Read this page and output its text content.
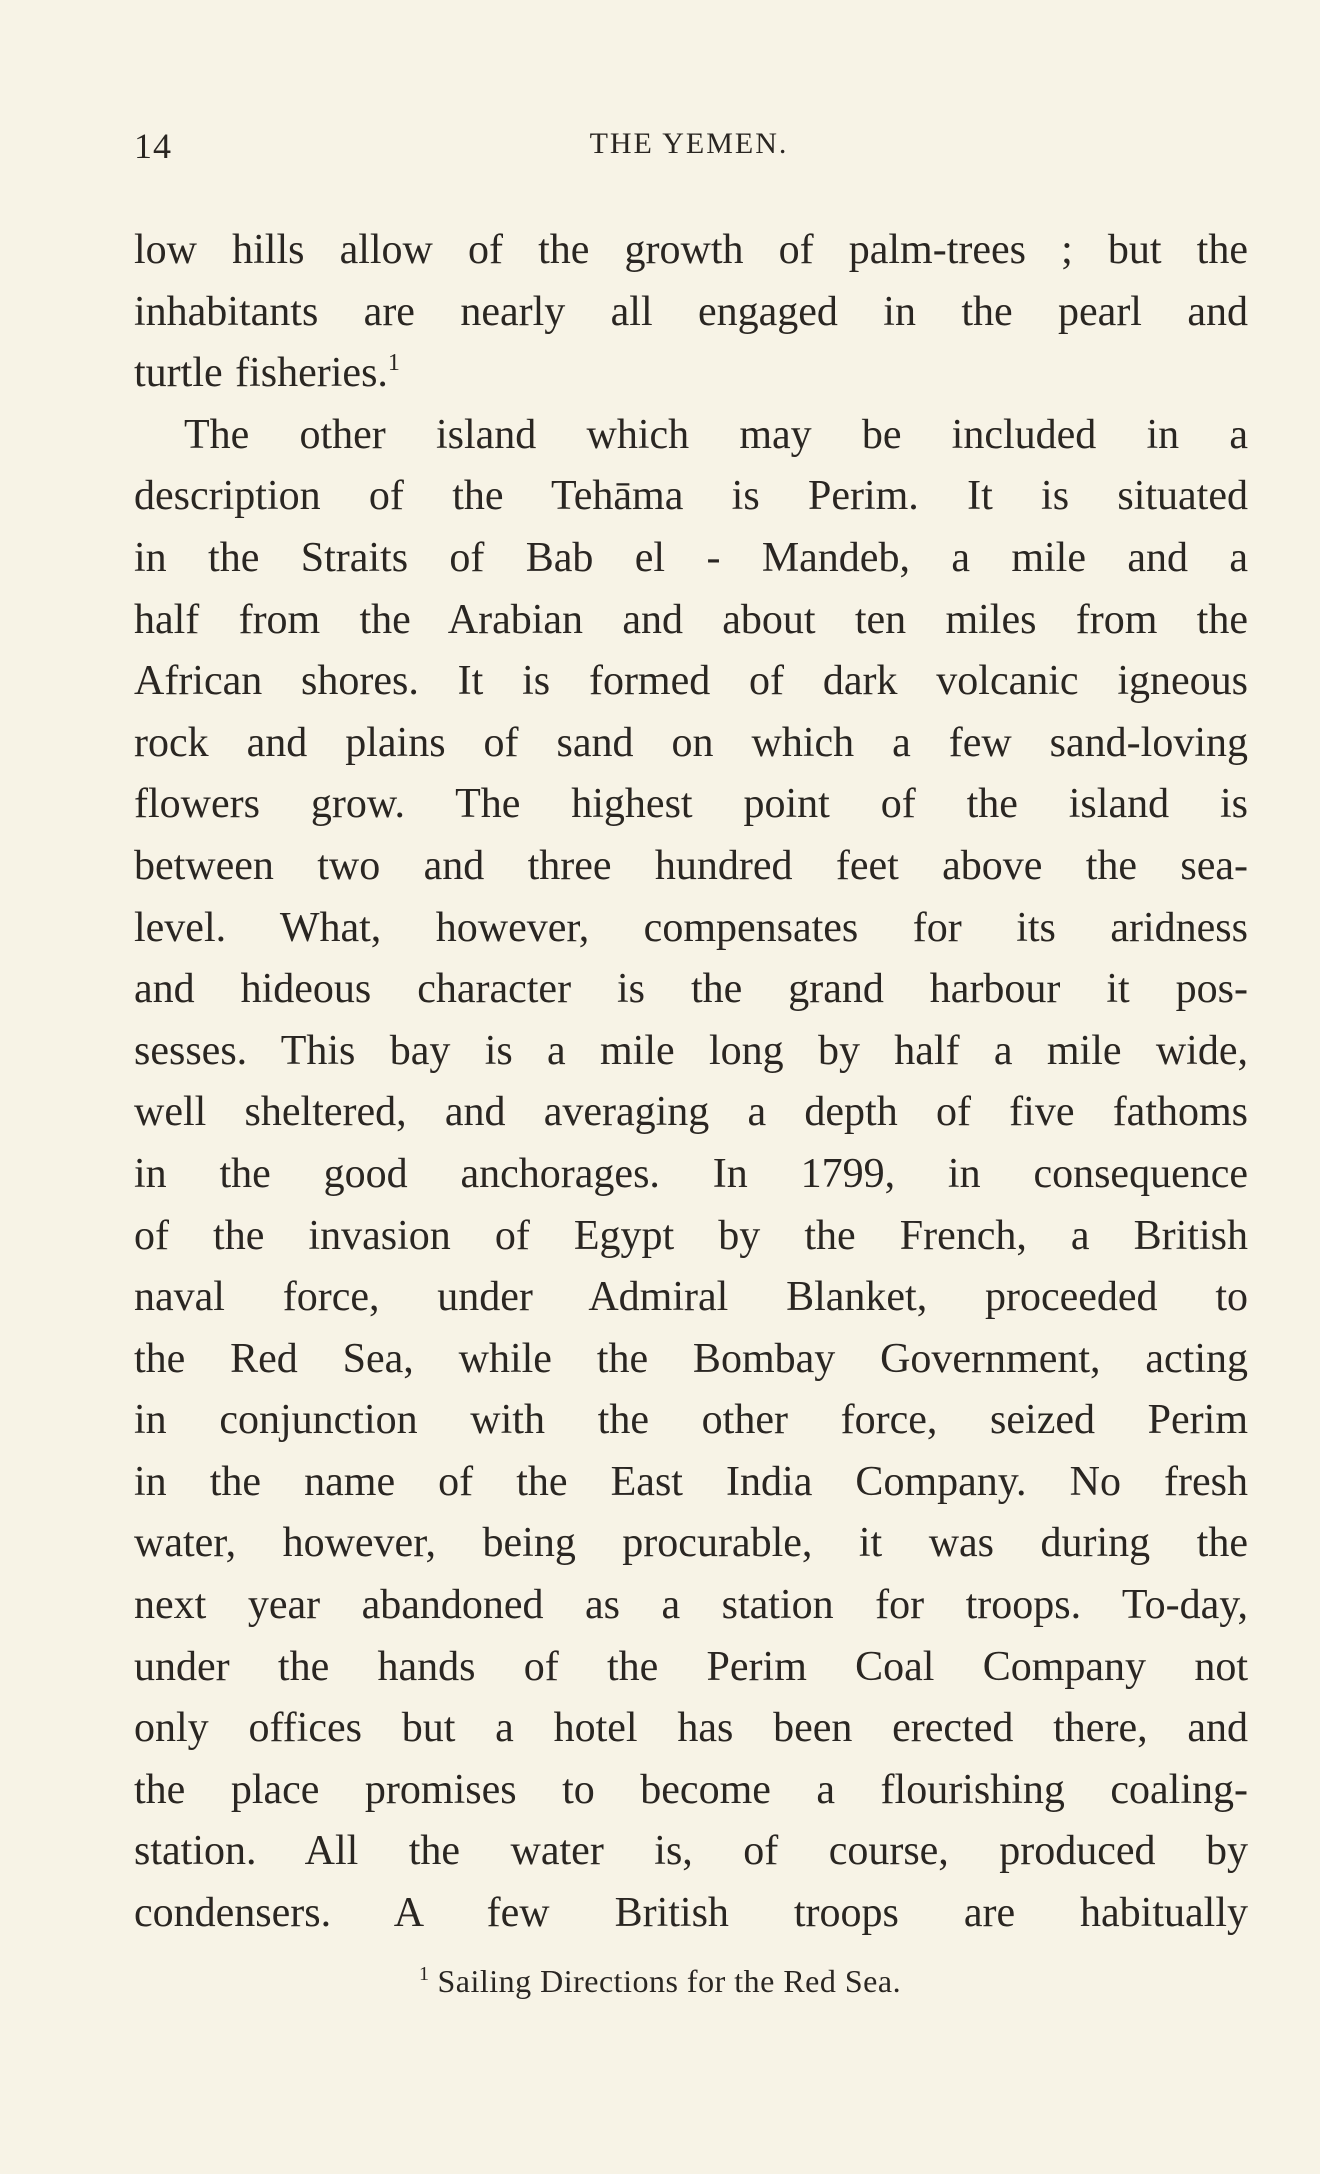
14	THE YEMEN.
low hills allow of the growth of palm-trees ; but the
inhabitants are nearly all engaged in the pearl and
turtle fisheries.$^1$
The other island which may be included in a
description of the Tehāma is Perim. It is situated
in the Straits of Bab el - Mandeb, a mile and a
half from the Arabian and about ten miles from the
African shores. It is formed of dark volcanic igneous
rock and plains of sand on which a few sand-loving
flowers grow. The highest point of the island is
between two and three hundred feet above the sea-
level. What, however, compensates for its aridness
and hideous character is the grand harbour it pos-
sesses. This bay is a mile long by half a mile wide,
well sheltered, and averaging a depth of five fathoms
in the good anchorages. In 1799, in consequence
of the invasion of Egypt by the French, a British
naval force, under Admiral Blanket, proceeded to
the Red Sea, while the Bombay Government, acting
in conjunction with the other force, seized Perim
in the name of the East India Company. No fresh
water, however, being procurable, it was during the
next year abandoned as a station for troops. To-day,
under the hands of the Perim Coal Company not
only offices but a hotel has been erected there, and
the place promises to become a flourishing coaling-
station. All the water is, of course, produced by
condensers. A few British troops are habitually
$^1$ Sailing Directions for the Red Sea.
